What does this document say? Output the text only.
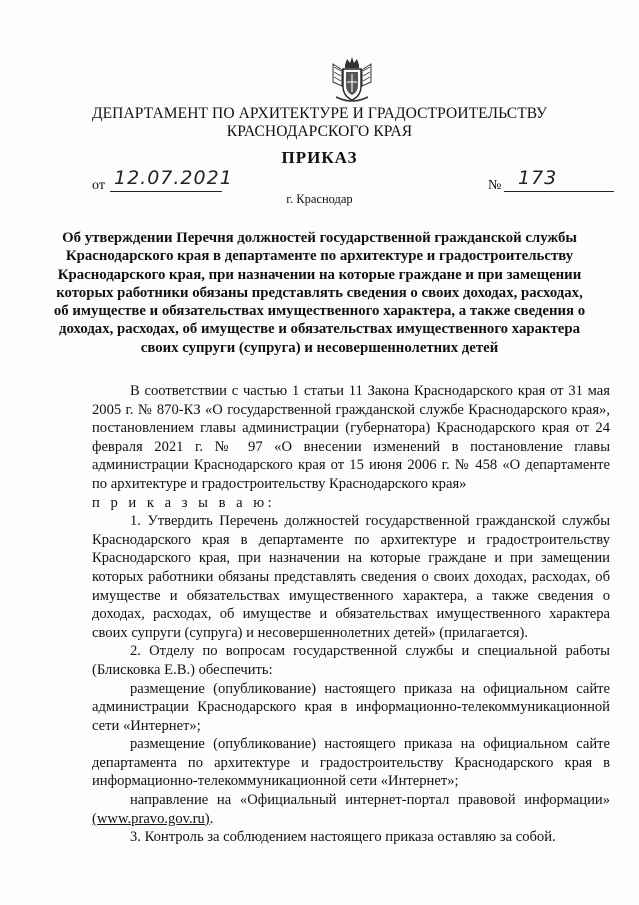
ДЕПАРТАМЕНТ ПО АРХИТЕКТУРЕ И ГРАДОСТРОИТЕЛЬСТВУ
КРАСНОДАРСКОГО КРАЯ
ПРИКАЗ
от 12.07.2021	№ 173
г. Краснодар
Об утверждении Перечня должностей государственной гражданской службы Краснодарского края в департаменте по архитектуре и градостроительству Краснодарского края, при назначении на которые граждане и при замещении которых работники обязаны представлять сведения о своих доходах, расходах, об имуществе и обязательствах имущественного характера, а также сведения о доходах, расходах, об имуществе и обязательствах имущественного характера своих супруги (супруга) и несовершеннолетних детей

В соответствии с частью 1 статьи 11 Закона Краснодарского края от 31 мая 2005 г. № 870-КЗ «О государственной гражданской службе Краснодарского края», постановлением главы администрации (губернатора) Краснодарского края от 24 февраля 2021 г. № 97 «О внесении изменений в постановление главы администрации Краснодарского края от 15 июня 2006 г. № 458 «О департаменте по архитектуре и градостроительству Краснодарского края»

п р и к а з ы в а ю:

1. Утвердить Перечень должностей государственной гражданской службы Краснодарского края в департаменте по архитектуре и градостроительству Краснодарского края, при назначении на которые граждане и при замещении которых работники обязаны представлять сведения о своих доходах, расходах, об имуществе и обязательствах имущественного характера, а также сведения о доходах, расходах, об имуществе и обязательствах имущественного характера своих супруги (супруга) и несовершеннолетних детей» (прилагается).

2. Отделу по вопросам государственной службы и специальной работы (Блисковка Е.В.) обеспечить:

размещение (опубликование) настоящего приказа на официальном сайте администрации Краснодарского края в информационно-телекоммуникационной сети «Интернет»;

размещение (опубликование) настоящего приказа на официальном сайте департамента по архитектуре и градостроительству Краснодарского края в информационно-телекоммуникационной сети «Интернет»;

направление на «Официальный интернет-портал правовой информации» (www.pravo.gov.ru).

3. Контроль за соблюдением настоящего приказа оставляю за собой.
